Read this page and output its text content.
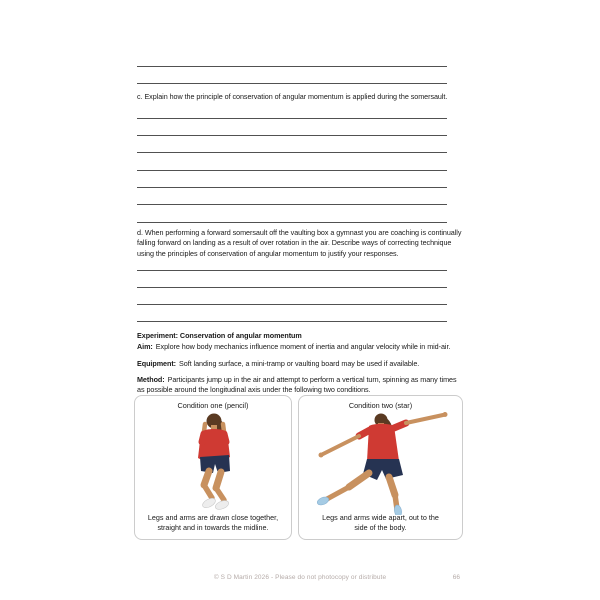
c. Explain how the principle of conservation of angular momentum is applied during the somersault.
d. When performing a forward somersault off the vaulting box a gymnast you are coaching is continually falling forward on landing as a result of over rotation in the air. Describe ways of correcting technique using the principles of conservation of angular momentum to justify your responses.
Experiment: Conservation of angular momentum
Aim: Explore how body mechanics influence moment of inertia and angular velocity while in mid-air.
Equipment: Soft landing surface, a mini-tramp or vaulting board may be used if available.
Method: Participants jump up in the air and attempt to perform a vertical turn, spinning as many times as possible around the longitudinal axis under the following two conditions.
Condition one (pencil)
Legs and arms are drawn close together, straight and in towards the midline.
Condition two (star)
Legs and arms wide apart, out to the side of the body.
© S D Martin 2026 - Please do not photocopy or distribute	66
